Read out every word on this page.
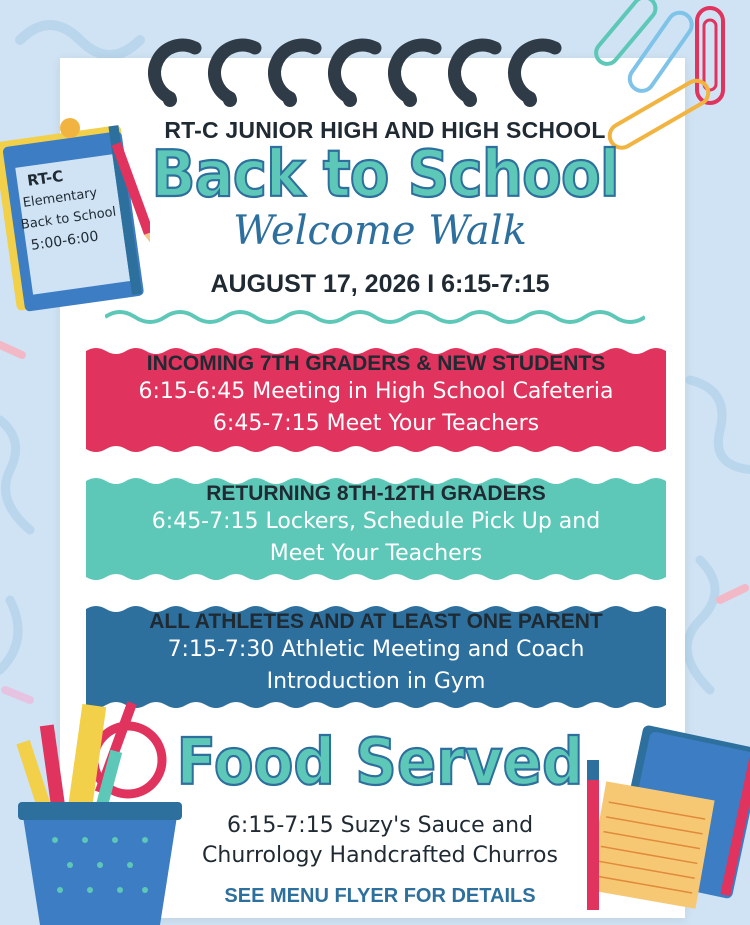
RT-C
Elementary
Back to School
5:00-6:00
RT-C JUNIOR HIGH AND HIGH SCHOOL
Back to School
Welcome Walk
AUGUST 17, 2026 I 6:15-7:15
INCOMING 7TH GRADERS & NEW STUDENTS
6:15-6:45 Meeting in High School Cafeteria
6:45-7:15 Meet Your Teachers
RETURNING 8TH-12TH GRADERS
6:45-7:15 Lockers, Schedule Pick Up and
Meet Your Teachers
ALL ATHLETES AND AT LEAST ONE PARENT
7:15-7:30 Athletic Meeting and Coach
Introduction in Gym
Food Served
6:15-7:15 Suzy's Sauce and
Churrology Handcrafted Churros
SEE MENU FLYER FOR DETAILS
